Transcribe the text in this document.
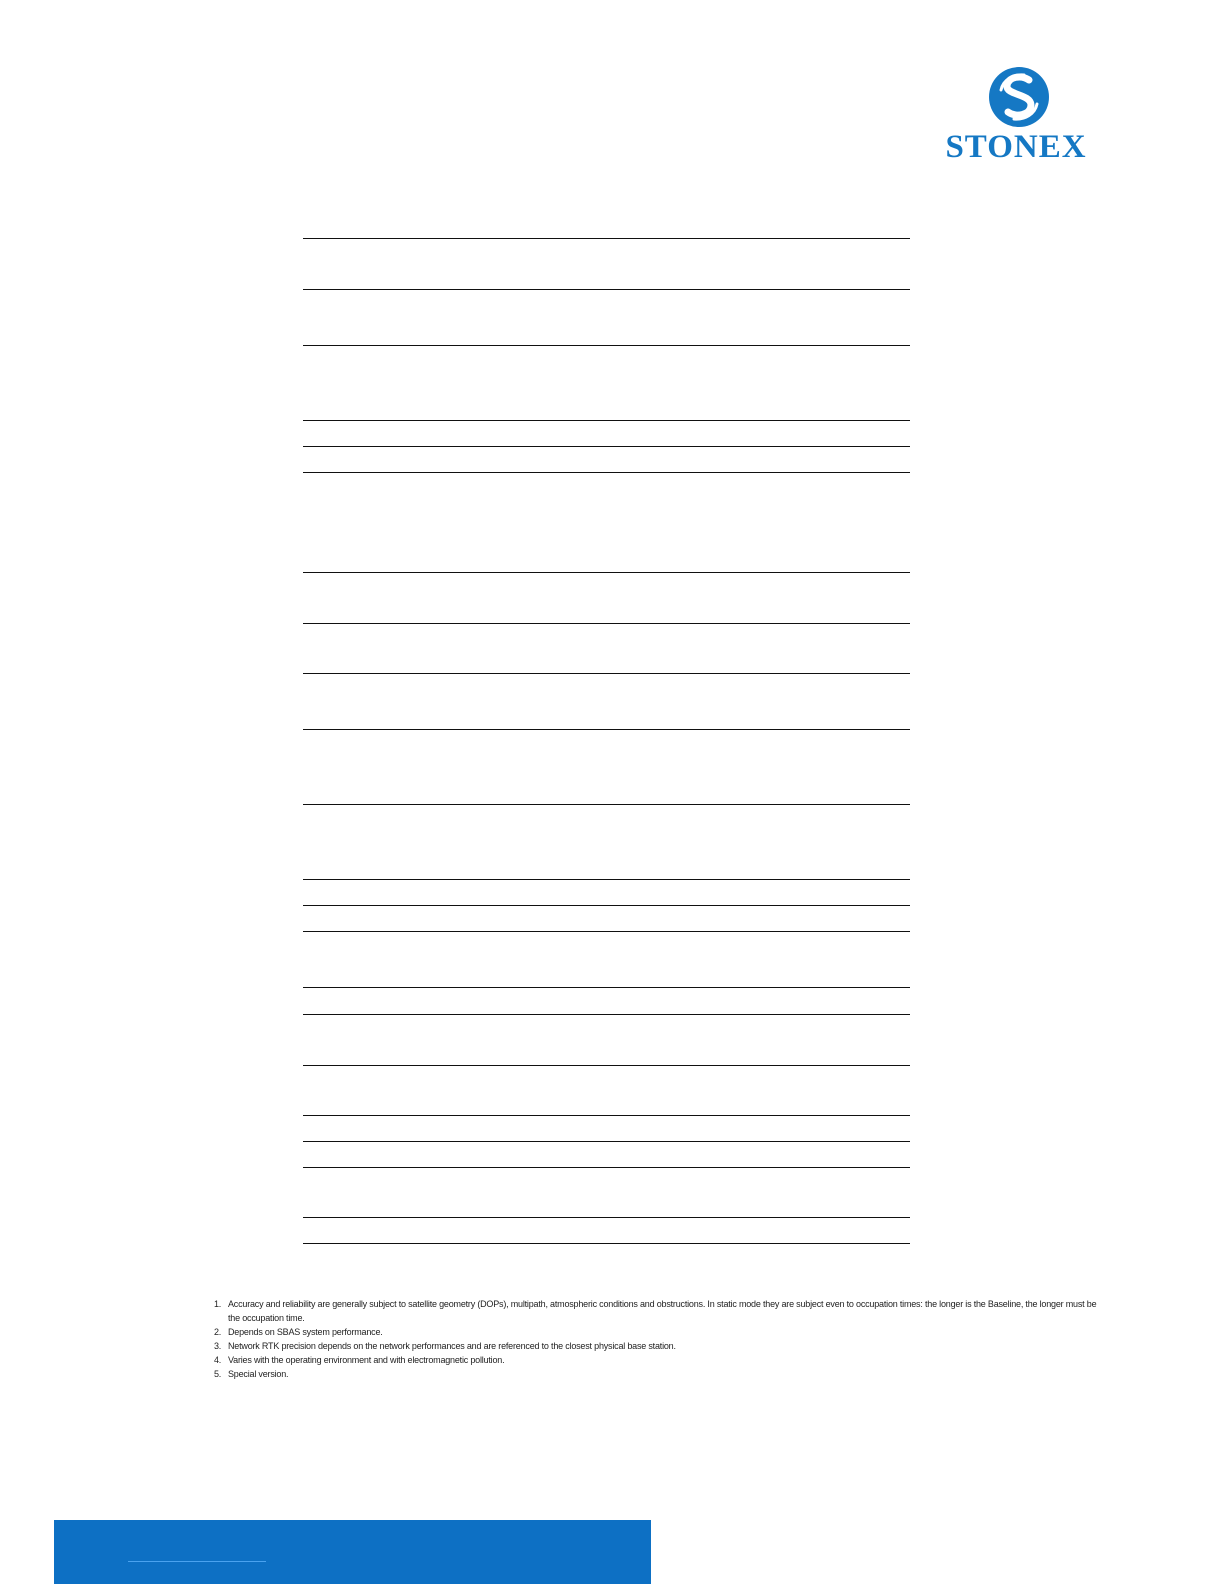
STONEX
1. Accuracy and reliability are generally subject to satellite geometry (DOPs), multipath, atmospheric conditions and obstructions. In static mode they are subject even to occupation times: the longer is the Baseline, the longer must be the occupation time.
2. Depends on SBAS system performance.
3. Network RTK precision depends on the network performances and are referenced to the closest physical base station.
4. Varies with the operating environment and with electromagnetic pollution.
5. Special version.
